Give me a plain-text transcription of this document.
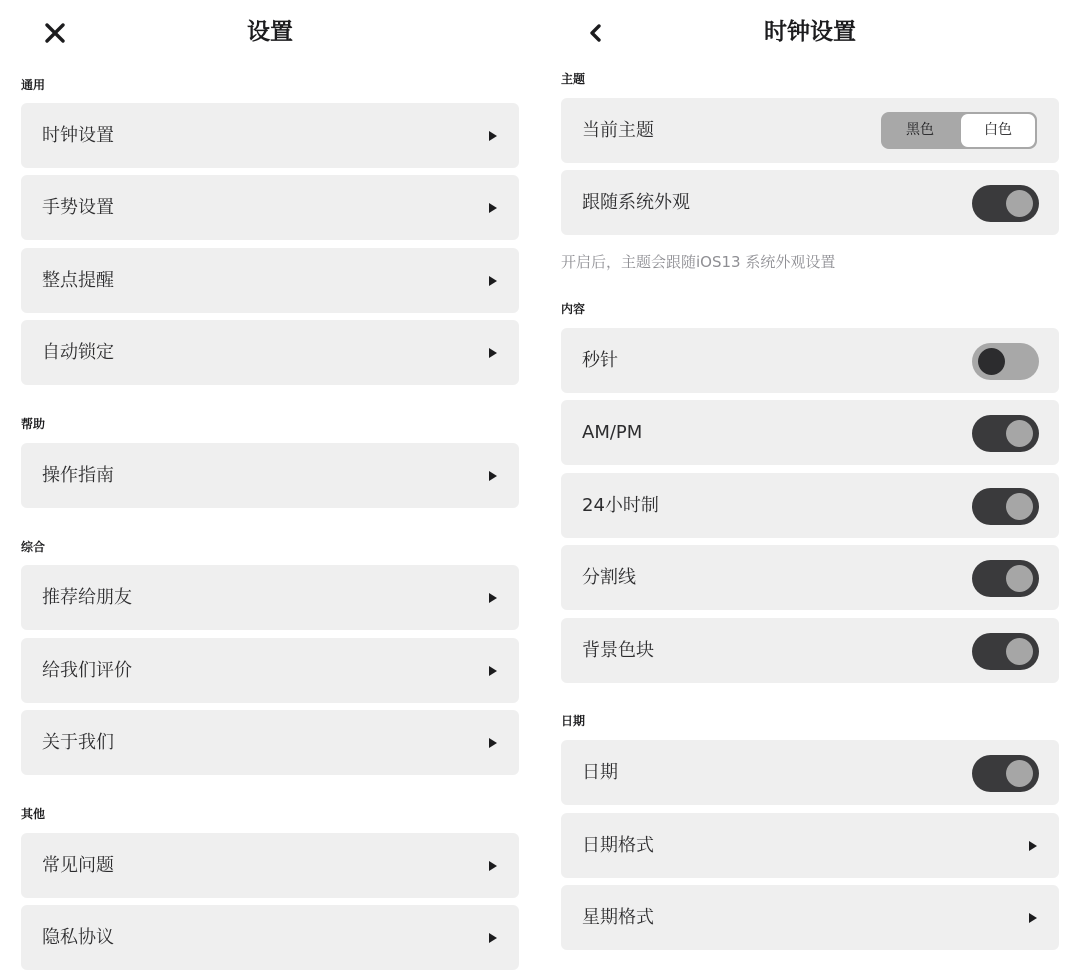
设置
通用
时钟设置
手势设置
整点提醒
自动锁定
帮助
操作指南
综合
推荐给朋友
给我们评价
关于我们
其他
常见问题
隐私协议
时钟设置
主题
当前主题	黑色	白色
跟随系统外观
开启后，主题会跟随iOS13 系统外观设置
内容
秒针
AM/PM
24小时制
分割线
背景色块
日期
日期
日期格式
星期格式
